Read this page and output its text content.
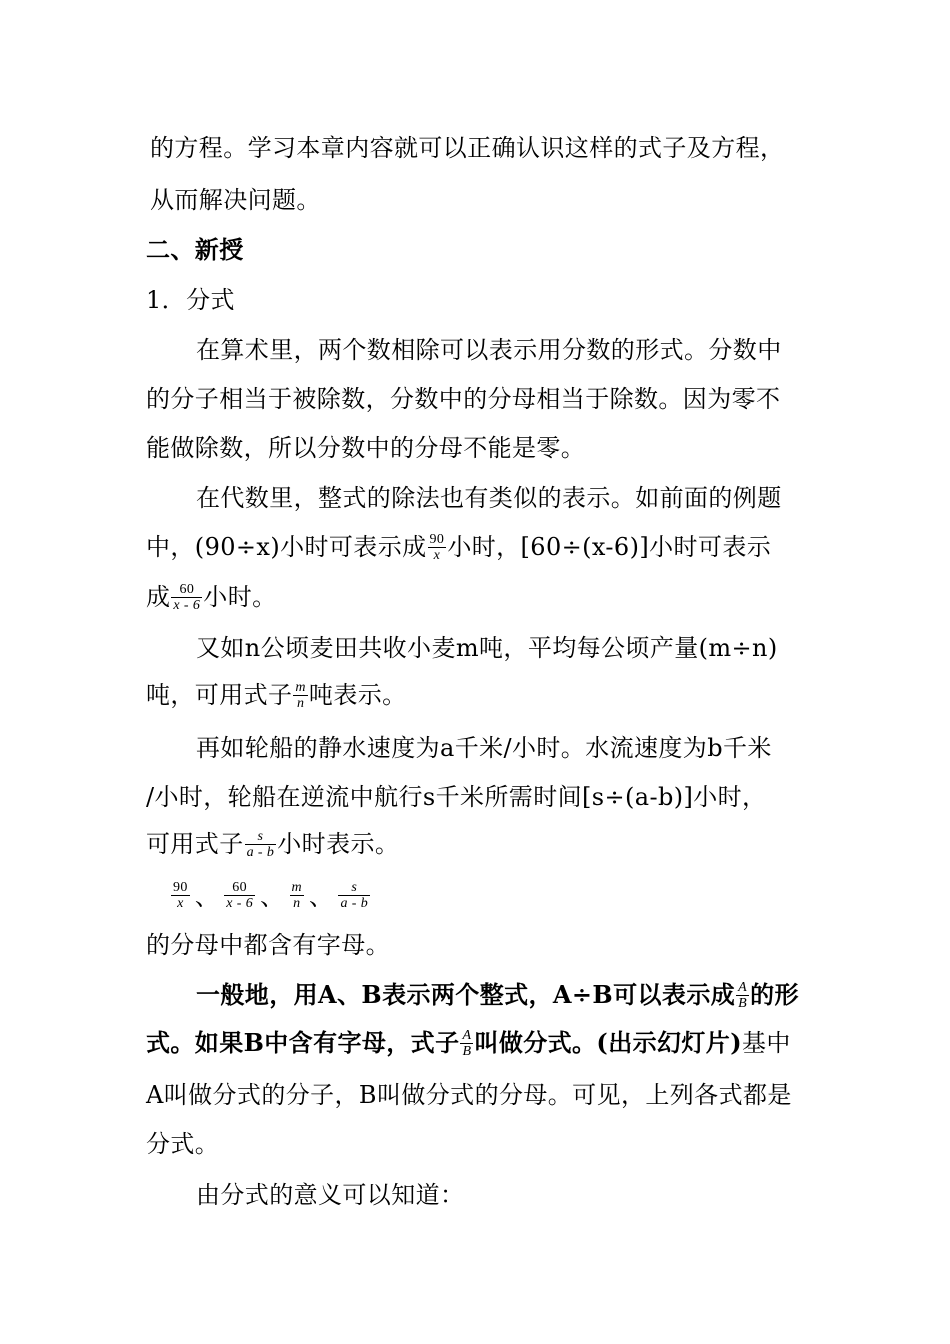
的方程。学习本章内容就可以正确认识这样的式子及方程，
从而解决问题。
二、新授
1．分式
在算术里，两个数相除可以表示用分数的形式。分数中
的分子相当于被除数，分数中的分母相当于除数。因为零不
能做除数，所以分数中的分母不能是零。
在代数里，整式的除法也有类似的表示。如前面的例题
中，(90÷x)小时可表示成 $\frac{90}{x}$ 小时，[60÷(x-6)]小时可表示
成 $\frac{60}{x - 6}$ 小时。
又如n公顷麦田共收小麦m吨，平均每公顷产量(m÷n)
吨，可用式子 $\frac{m}{n}$ 吨表示。
再如轮船的静水速度为a千米/小时。水流速度为b千米
/小时，轮船在逆流中航行s千米所需时间[s÷(a-b)]小时，
可用式子 $\frac{s}{a - b}$ 小时表示。
$\frac{90}{x}$ 、 $\frac{60}{x - 6}$ 、 $\frac{m}{n}$ 、 $\frac{s}{a - b}$
的分母中都含有字母。
一般地，用A、B表示两个整式，A÷B可以表示成 $\frac{A}{B}$ 的形
式。如果B中含有字母，式子 $\frac{A}{B}$ 叫做分式。(出示幻灯片)基中
A叫做分式的分子，B叫做分式的分母。可见，上列各式都是
分式。
由分式的意义可以知道：
